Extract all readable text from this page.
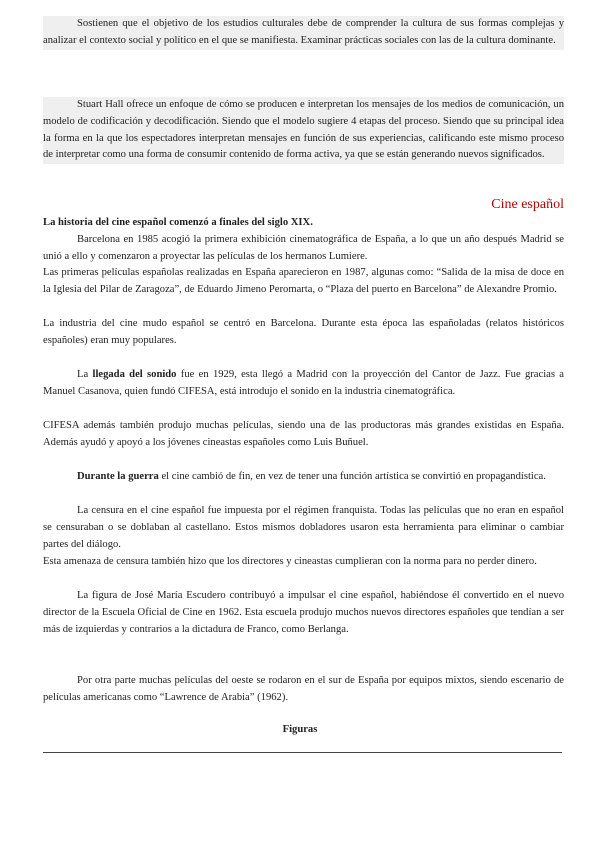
Sostienen que el objetivo de los estudios culturales debe de comprender la cultura de sus formas complejas y analizar el contexto social y político en el que se manifiesta. Examinar prácticas sociales con las de la cultura dominante.

Stuart Hall ofrece un enfoque de cómo se producen e interpretan los mensajes de los medios de comunicación, un modelo de codificación y decodificación. Siendo que el modelo sugiere 4 etapas del proceso. Siendo que su principal idea la forma en la que los espectadores interpretan mensajes en función de sus experiencias, calificando este mismo proceso de interpretar como una forma de consumir contenido de forma activa, ya que se están generando nuevos significados.

Cine español

La historia del cine español comenzó a finales del siglo XIX.

Barcelona en 1985 acogió la primera exhibición cinematográfica de España, a lo que un año después Madrid se unió a ello y comenzaron a proyectar las películas de los hermanos Lumiere.

Las primeras películas españolas realizadas en España aparecieron en 1987, algunas como: “Salida de la misa de doce en la Iglesia del Pilar de Zaragoza”, de Eduardo Jimeno Peromarta, o “Plaza del puerto en Barcelona” de Alexandre Promio.

La industria del cine mudo español se centró en Barcelona. Durante esta época las españoladas (relatos históricos españoles) eran muy populares.

La llegada del sonido fue en 1929, esta llegó a Madrid con la proyección del Cantor de Jazz. Fue gracias a Manuel Casanova, quien fundó CIFESA, está introdujo el sonido en la industria cinematográfica.

CIFESA además también produjo muchas películas, siendo una de las productoras más grandes existidas en España. Además ayudó y apoyó a los jóvenes cineastas españoles como Luis Buñuel.

Durante la guerra el cine cambió de fin, en vez de tener una función artística se convirtió en propagandística.

La censura en el cine español fue impuesta por el régimen franquista. Todas las películas que no eran en español se censuraban o se doblaban al castellano. Estos mismos dobladores usaron esta herramienta para eliminar o cambiar partes del diálogo.

Esta amenaza de censura también hizo que los directores y cineastas cumplieran con la norma para no perder dinero.

La figura de José María Escudero contribuyó a impulsar el cine español, habiéndose él convertido en el nuevo director de la Escuela Oficial de Cine en 1962. Esta escuela produjo muchos nuevos directores españoles que tendían a ser más de izquierdas y contrarios a la dictadura de Franco, como Berlanga.

Por otra parte muchas películas del oeste se rodaron en el sur de España por equipos mixtos, siendo escenario de películas americanas como “Lawrence de Arabia” (1962).

Figuras
